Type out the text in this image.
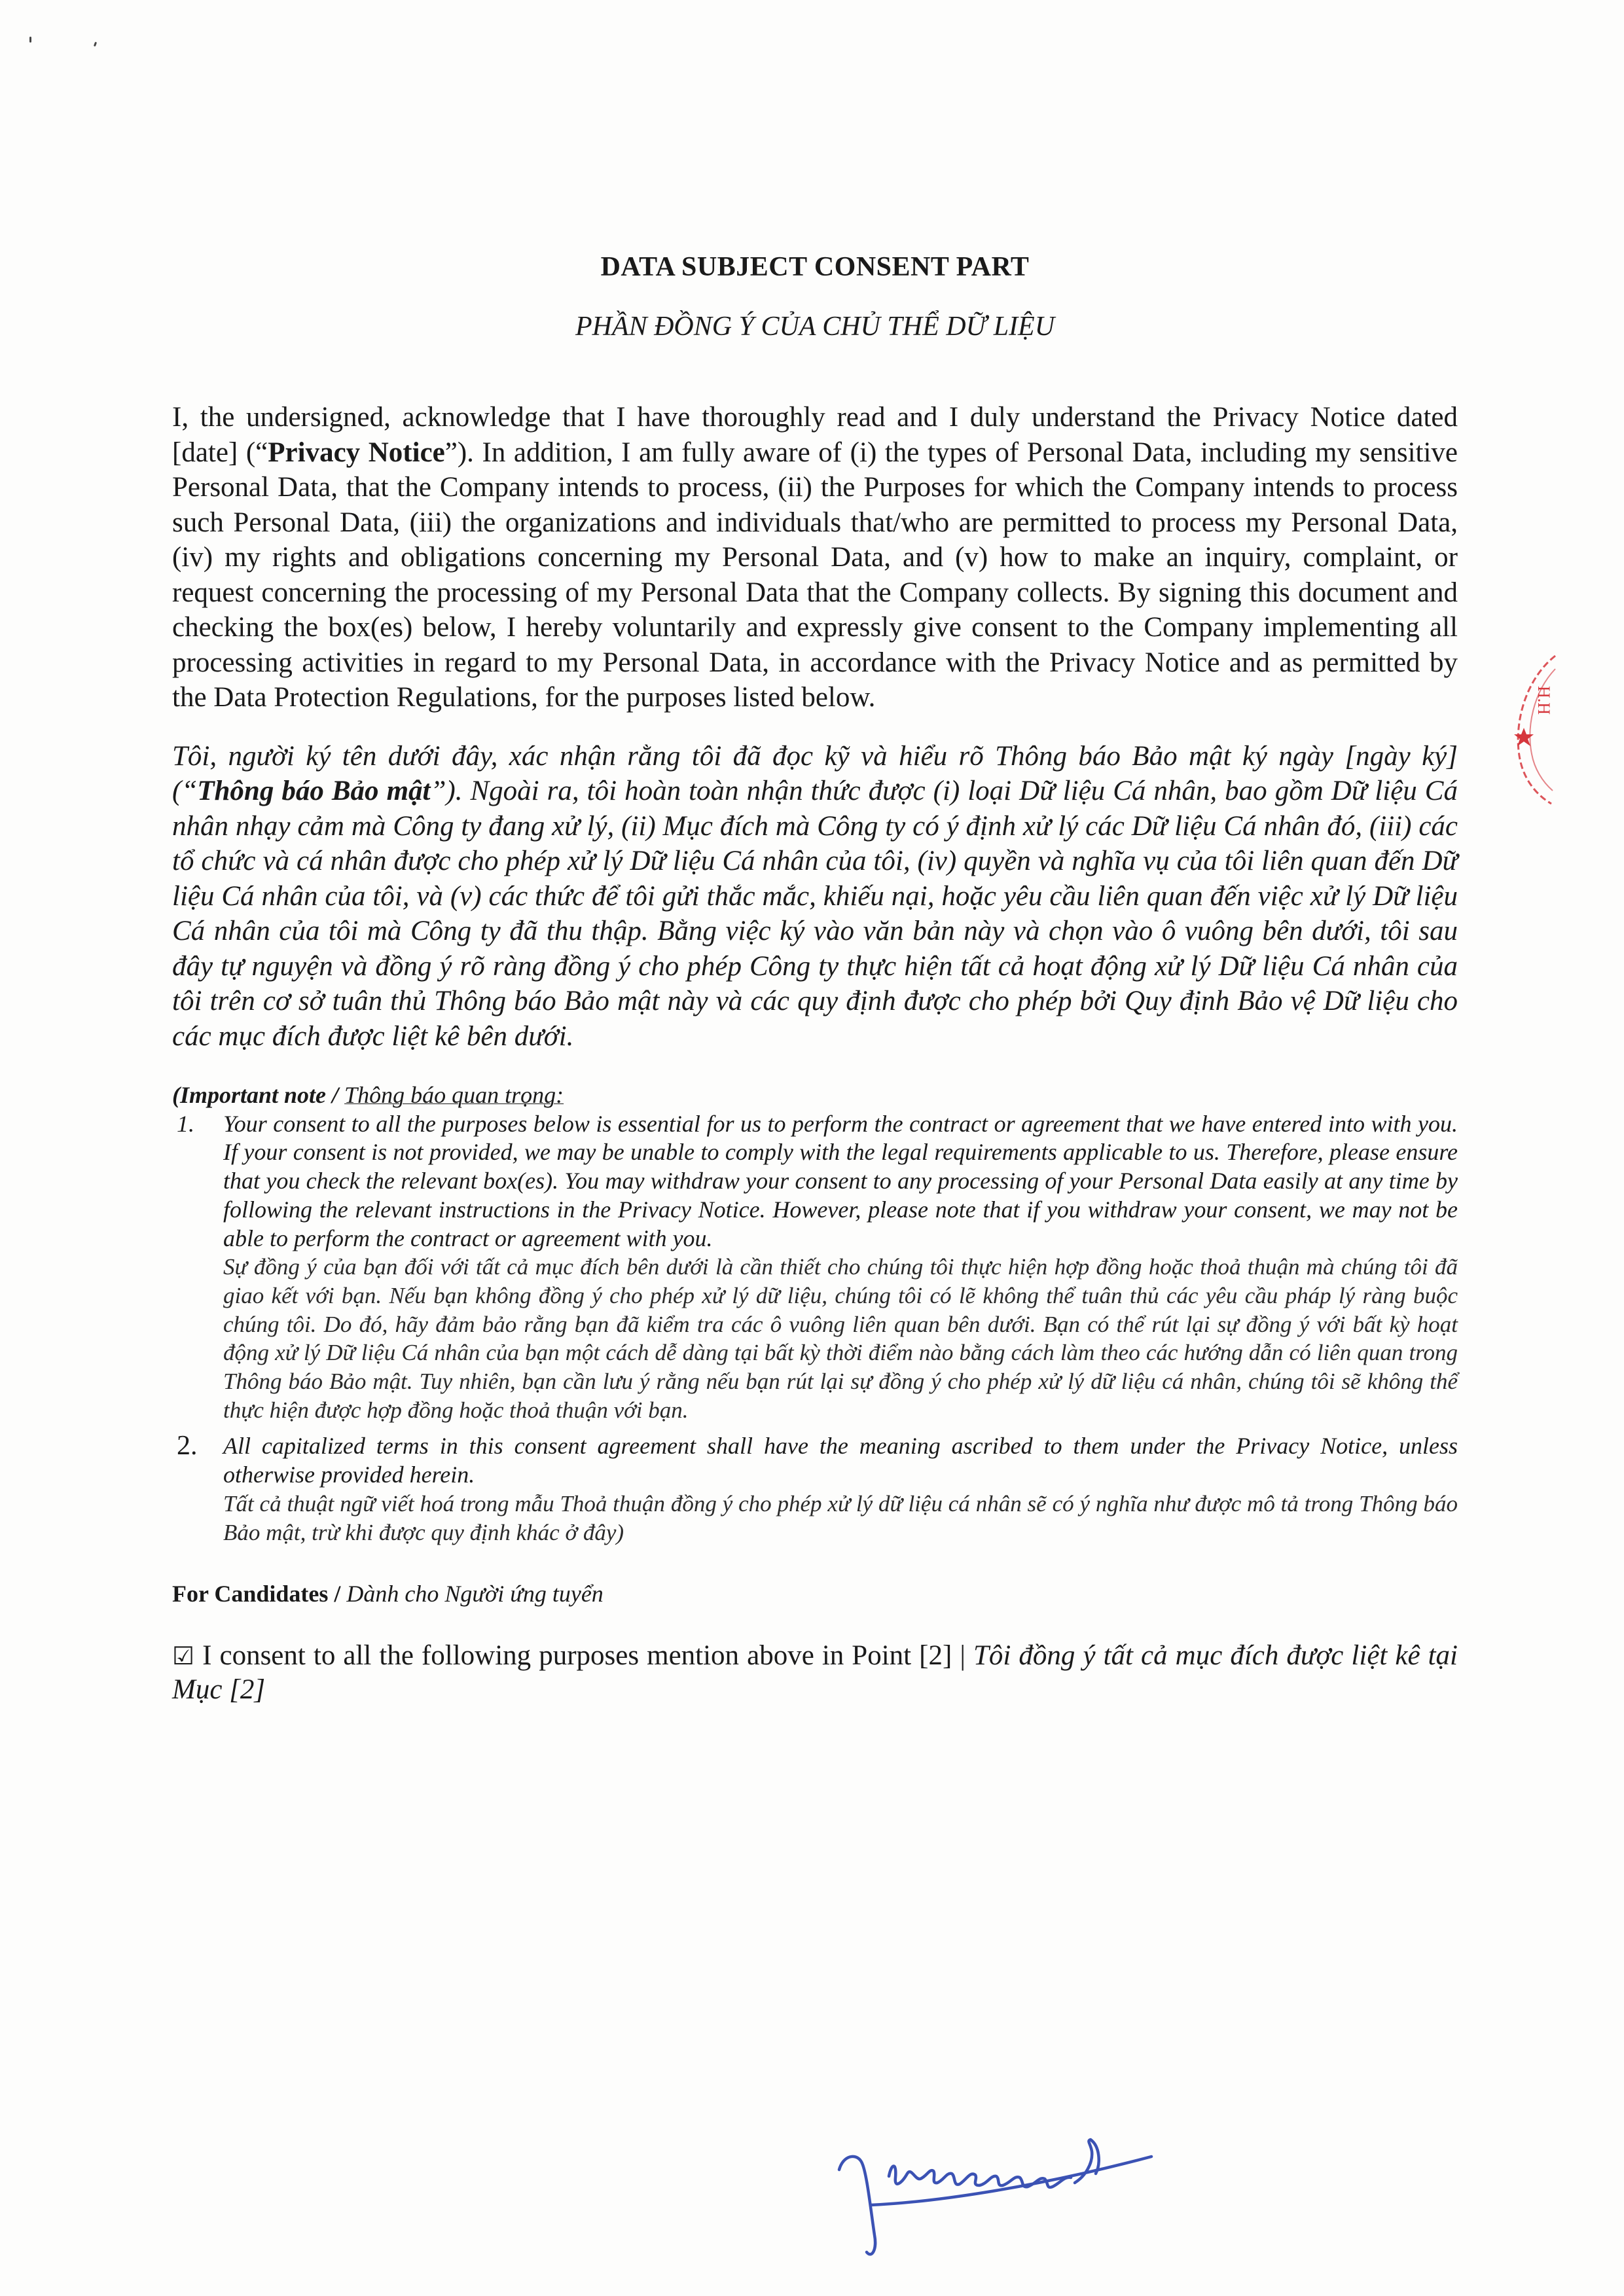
DATA SUBJECT CONSENT PART
PHẦN ĐỒNG Ý CỦA CHỦ THỂ DỮ LIỆU

I, the undersigned, acknowledge that I have thoroughly read and I duly understand the Privacy Notice dated [date] (“Privacy Notice”). In addition, I am fully aware of (i) the types of Personal Data, including my sensitive Personal Data, that the Company intends to process, (ii) the Purposes for which the Company intends to process such Personal Data, (iii) the organizations and individuals that/who are permitted to process my Personal Data, (iv) my rights and obligations concerning my Personal Data, and (v) how to make an inquiry, complaint, or request concerning the processing of my Personal Data that the Company collects. By signing this document and checking the box(es) below, I hereby voluntarily and expressly give consent to the Company implementing all processing activities in regard to my Personal Data, in accordance with the Privacy Notice and as permitted by the Data Protection Regulations, for the purposes listed below.

Tôi, người ký tên dưới đây, xác nhận rằng tôi đã đọc kỹ và hiểu rõ Thông báo Bảo mật ký ngày [ngày ký] (“Thông báo Bảo mật”). Ngoài ra, tôi hoàn toàn nhận thức được (i) loại Dữ liệu Cá nhân, bao gồm Dữ liệu Cá nhân nhạy cảm mà Công ty đang xử lý, (ii) Mục đích mà Công ty có ý định xử lý các Dữ liệu Cá nhân đó, (iii) các tổ chức và cá nhân được cho phép xử lý Dữ liệu Cá nhân của tôi, (iv) quyền và nghĩa vụ của tôi liên quan đến Dữ liệu Cá nhân của tôi, và (v) các thức để tôi gửi thắc mắc, khiếu nại, hoặc yêu cầu liên quan đến việc xử lý Dữ liệu Cá nhân của tôi mà Công ty đã thu thập. Bằng việc ký vào văn bản này và chọn vào ô vuông bên dưới, tôi sau đây tự nguyện và đồng ý rõ ràng đồng ý cho phép Công ty thực hiện tất cả hoạt động xử lý Dữ liệu Cá nhân của tôi trên cơ sở tuân thủ Thông báo Bảo mật này và các quy định được cho phép bởi Quy định Bảo vệ Dữ liệu cho các mục đích được liệt kê bên dưới.

(Important note / Thông báo quan trọng:

1.	Your consent to all the purposes below is essential for us to perform the contract or agreement that we have entered into with you. If your consent is not provided, we may be unable to comply with the legal requirements applicable to us. Therefore, please ensure that you check the relevant box(es). You may withdraw your consent to any processing of your Personal Data easily at any time by following the relevant instructions in the Privacy Notice. However, please note that if you withdraw your consent, we may not be able to perform the contract or agreement with you.

Sự đồng ý của bạn đối với tất cả mục đích bên dưới là cần thiết cho chúng tôi thực hiện hợp đồng hoặc thoả thuận mà chúng tôi đã giao kết với bạn. Nếu bạn không đồng ý cho phép xử lý dữ liệu, chúng tôi có lẽ không thể tuân thủ các yêu cầu pháp lý ràng buộc chúng tôi. Do đó, hãy đảm bảo rằng bạn đã kiểm tra các ô vuông liên quan bên dưới. Bạn có thể rút lại sự đồng ý với bất kỳ hoạt động xử lý Dữ liệu Cá nhân của bạn một cách dễ dàng tại bất kỳ thời điểm nào bằng cách làm theo các hướng dẫn có liên quan trong Thông báo Bảo mật. Tuy nhiên, bạn cần lưu ý rằng nếu bạn rút lại sự đồng ý cho phép xử lý dữ liệu cá nhân, chúng tôi sẽ không thể thực hiện được hợp đồng hoặc thoả thuận với bạn.

2.	All capitalized terms in this consent agreement shall have the meaning ascribed to them under the Privacy Notice, unless otherwise provided herein.

Tất cả thuật ngữ viết hoá trong mẫu Thoả thuận đồng ý cho phép xử lý dữ liệu cá nhân sẽ có ý nghĩa như được mô tả trong Thông báo Bảo mật, trừ khi được quy định khác ở đây)

For Candidates / Dành cho Người ứng tuyển

☑ I consent to all the following purposes mention above in Point [2] | Tôi đồng ý tất cả mục đích được liệt kê tại Mục [2]

H.H
